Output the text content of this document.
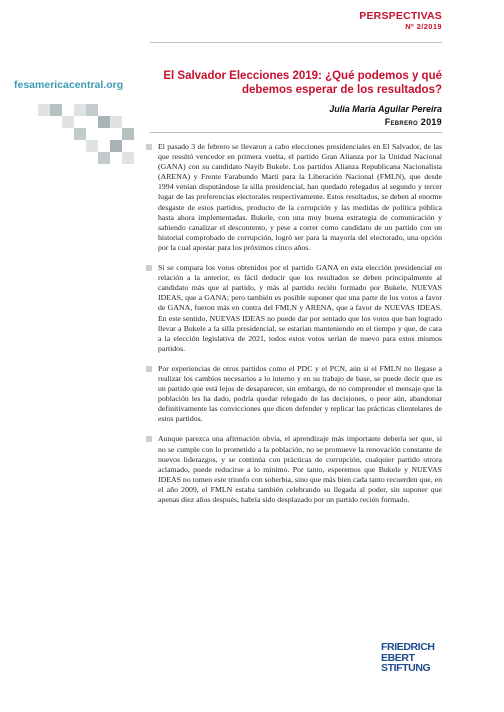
PERSPECTIVAS
Nº 2/2019
fesamericacentral.org
El Salvador Elecciones 2019: ¿Qué podemos y qué debemos esperar de los resultados?
Julia María Aguilar Pereira
Febrero 2019

El pasado 3 de febrero se llevaron a cabo elecciones presidenciales en El Salvador, de las que resultó vencedor en primera vuelta, el partido Gran Alianza por la Unidad Nacional (GANA) con su candidato Nayib Bukele. Los partidos Alianza Republicana Nacionalista (ARENA) y Frente Farabundo Martí para la Liberación Nacional (FMLN), que desde 1994 venían disputándose la silla presidencial, han quedado relegados al segundo y tercer lugar de las preferencias electorales respectivamente. Estos resultados, se deben al enorme desgaste de estos partidos, producto de la corrupción y las medidas de política pública hasta ahora implementadas. Bukele, con una muy buena estrategia de comunicación y sabiendo canalizar el descontento, y pese a correr como candidato de un partido con un historial comprobado de corrupción, logró ser para la mayoría del electorado, una opción por la cual apostar para los próximos cinco años.

Si se compara los votos obtenidos por el partido GANA en esta elección presidencial en relación a la anterior, es fácil deducir que los resultados se deben principalmente al candidato más que al partido, y más al partido recién formado por Bukele, NUEVAS IDEAS, que a GANA; pero también es posible suponer que una parte de los votos a favor de GANA, fueron más en contra del FMLN y ARENA, que a favor de NUEVAS IDEAS. En este sentido, NUEVAS IDEAS no puede dar por sentado que los votos que han logrado llevar a Bukele a la silla presidencial, se estarían manteniendo en el tiempo y que, de cara a la elección legislativa de 2021, todos estos votos serían de nuevo para estos mismos partidos.

Por experiencias de otros partidos como el PDC y el PCN, aún si el FMLN no llegase a realizar los cambios necesarios a lo interno y en su trabajo de base, se puede decir que es un partido que está lejos de desaparecer, sin embargo, de no comprender el mensaje que la población les ha dado, podría quedar relegado de las decisiones, o peor aún, abandonar definitivamente las convicciones que dicen defender y replicar las prácticas clientelares de estos partidos.

Aunque parezca una afirmación obvia, el aprendizaje más importante debería ser que, si no se cumple con lo prometido a la población, no se promueve la renovación constante de nuevos liderazgos, y se continúa con prácticas de corrupción, cualquier partido otrora aclamado, puede reducirse a lo mínimo. Por tanto, esperemos que Bukele y NUEVAS IDEAS no tomen este triunfo con soberbia, sino que más bien cada tanto recuerden que, en el año 2009, el FMLN estaba también celebrando su llegada al poder, sin suponer que apenas diez años después, habría sido desplazado por un partido recién formado.

FRIEDRICH
EBERT
STIFTUNG
